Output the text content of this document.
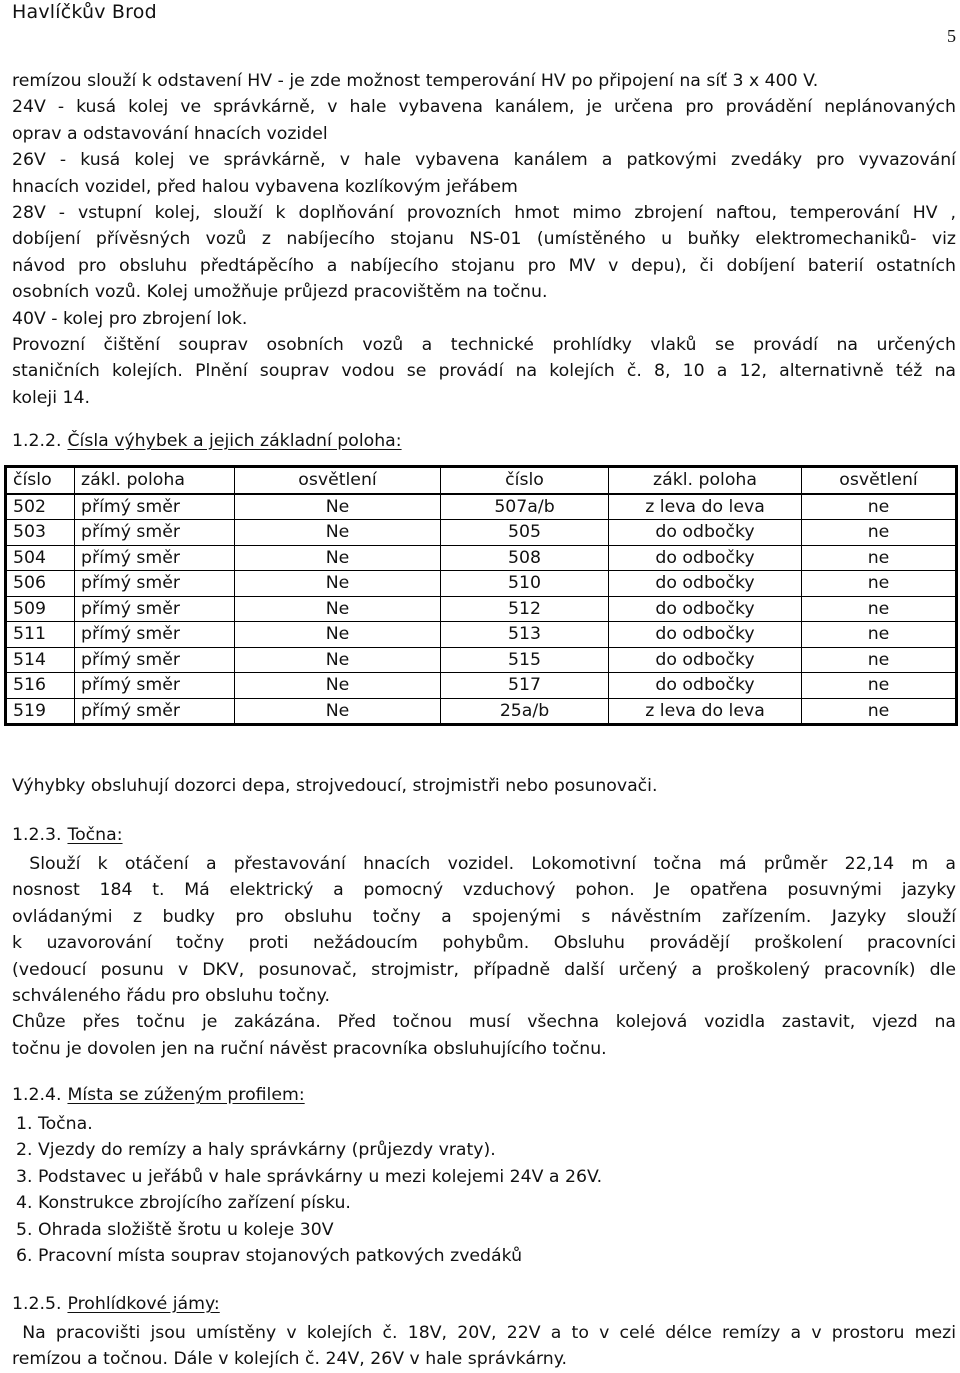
Havlíčkův Brod
5
remízou slouží k odstavení HV - je zde možnost temperování HV po připojení na síť 3 x 400 V.
24V - kusá kolej ve správkárně, v hale vybavena kanálem, je určena pro provádění neplánovaných
oprav a odstavování hnacích vozidel
26V - kusá kolej ve správkárně, v hale vybavena kanálem a patkovými zvedáky pro vyvazování
hnacích vozidel, před halou vybavena kozlíkovým jeřábem
28V - vstupní kolej, slouží k doplňování provozních hmot mimo zbrojení naftou, temperování HV ,
dobíjení přívěsných vozů z nabíjecího stojanu NS-01 (umístěného u buňky elektromechaniků- viz
návod pro obsluhu předtápěcího a nabíjecího stojanu pro MV v depu), či dobíjení baterií ostatních
osobních vozů. Kolej umožňuje průjezd pracovištěm na točnu.
40V - kolej pro zbrojení lok.
Provozní čištění souprav osobních vozů a technické prohlídky vlaků se provádí na určených
staničních kolejích. Plnění souprav vodou se provádí na kolejích č. 8, 10 a 12, alternativně též na
koleji 14.
1.2.2. Čísla výhybek a jejich základní poloha:
číslo	zákl. poloha	osvětlení	číslo	zákl. poloha	osvětlení
502	přímý směr	Ne	507a/b	z leva do leva	ne
503	přímý směr	Ne	505	do odbočky	ne
504	přímý směr	Ne	508	do odbočky	ne
506	přímý směr	Ne	510	do odbočky	ne
509	přímý směr	Ne	512	do odbočky	ne
511	přímý směr	Ne	513	do odbočky	ne
514	přímý směr	Ne	515	do odbočky	ne
516	přímý směr	Ne	517	do odbočky	ne
519	přímý směr	Ne	25a/b	z leva do leva	ne
Výhybky obsluhují dozorci depa, strojvedoucí, strojmistři nebo posunovači.
1.2.3. Točna:
Slouží k otáčení a přestavování hnacích vozidel. Lokomotivní točna má průměr 22,14 m a
nosnost 184 t. Má elektrický a pomocný vzduchový pohon. Je opatřena posuvnými jazyky
ovládanými z budky pro obsluhu točny a spojenými s návěstním zařízením. Jazyky slouží
k uzavorování točny proti nežádoucím pohybům. Obsluhu provádějí proškolení pracovníci
(vedoucí posunu v DKV, posunovač, strojmistr, případně další určený a proškolený pracovník) dle
schváleného řádu pro obsluhu točny.
Chůze přes točnu je zakázána. Před točnou musí všechna kolejová vozidla zastavit, vjezd na
točnu je dovolen jen na ruční návěst pracovníka obsluhujícího točnu.
1.2.4. Místa se zúženým profilem:
1. Točna.
2. Vjezdy do remízy a haly správkárny (průjezdy vraty).
3. Podstavec u jeřábů v hale správkárny u mezi kolejemi 24V a 26V.
4. Konstrukce zbrojícího zařízení písku.
5. Ohrada složiště šrotu u koleje 30V
6. Pracovní místa souprav stojanových patkových zvedáků
1.2.5. Prohlídkové jámy:
Na pracovišti jsou umístěny v kolejích č. 18V, 20V, 22V a to v celé délce remízy a v prostoru mezi
remízou a točnou. Dále v kolejích č. 24V, 26V v hale správkárny.
